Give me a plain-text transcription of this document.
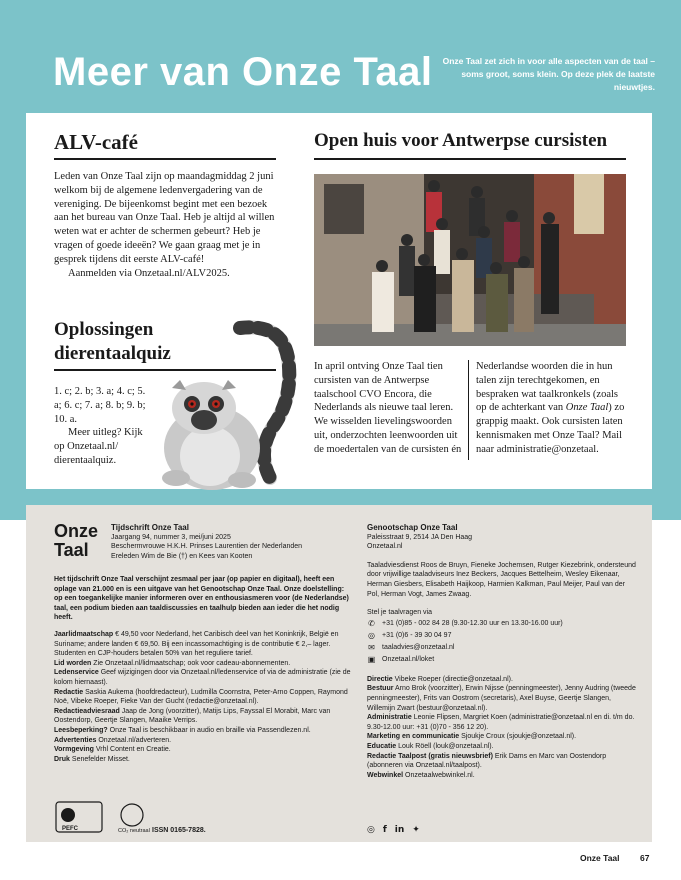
Meer van Onze Taal	Onze Taal zet zich in voor alle aspecten van de taal – soms groot, soms klein. Op deze plek de laatste nieuwtjes.
ALV-café

Leden van Onze Taal zijn op maandagmiddag 2 juni welkom bij de algemene ledenvergadering van de vereniging. De bijeenkomst begint met een bezoek aan het bureau van Onze Taal. Heb je altijd al willen weten wat er achter de schermen gebeurt? Heb je vragen of goede ideeën? We gaan graag met je in gesprek tijdens dit eerste ALV-café!

Aanmelden via Onzetaal.nl/ALV2025.

Oplossingen dierentaalquiz

1. c; 2. b; 3. a; 4. c; 5. a; 6. c; 7. a; 8. b; 9. b; 10. a.

Meer uitleg? Kijk op Onzetaal.nl/ dierentaalquiz.

Open huis voor Antwerpse cursisten
In april ontving Onze Taal tien cursisten van de Antwerpse taalschool CVO Encora, die Nederlands als nieuwe taal leren. We wisselden lievelingswoorden uit, onderzochten leenwoorden uit de moedertalen van de cursisten én
Nederlandse woorden die in hun talen zijn terechtgekomen, en bespraken wat taalkronkels (zoals op de achterkant van Onze Taal) zo grappig maakt. Ook cursisten laten kennismaken met Onze Taal? Mail naar administratie@onzetaal.
Onze
Taal
Tijdschrift Onze Taal
Jaargang 94, nummer 3, mei/juni 2025
Beschermvrouwe H.K.H. Prinses Laurentien der Nederlanden
Ereleden Wim de Bie (†) en Kees van Kooten
Het tijdschrift Onze Taal verschijnt zesmaal per jaar (op papier en digitaal), heeft een oplage van 21.000 en is een uitgave van het Genootschap Onze Taal. Onze doelstelling: op een toegankelijke manier informeren over en enthousiasmeren voor (de Nederlandse) taal, een podium bieden aan taaldiscussies en taalhulp bieden aan ieder die het nodig heeft.
Jaarlidmaatschap € 49,50 voor Nederland, het Caribisch deel van het Koninkrijk, België en Suriname; andere landen € 69,50. Bij een incassomachtiging is de contributie € 2,– lager. Studenten en CJP-houders betalen 50% van het reguliere tarief.
Lid worden Zie Onzetaal.nl/lidmaatschap; ook voor cadeau-abonnementen.
Ledenservice Geef wijzigingen door via Onzetaal.nl/ledenservice of via de administratie (zie de kolom hiernaast).
Redactie Saskia Aukema (hoofdredacteur), Ludmilla Coornstra, Peter-Arno Coppen, Raymond Noë, Vibeke Roeper, Fieke Van der Gucht (redactie@onzetaal.nl).
Redactieadviesraad Jaap de Jong (voorzitter), Matijs Lips, Fayssal El Morabit, Marc van Oostendorp, Geertje Slangen, Maaike Verrips.
Leesbeperking? Onze Taal is beschikbaar in audio en braille via Passendlezen.nl.
Advertenties Onzetaal.nl/adverteren.
Vormgeving Vrhl Content en Creatie.
Druk Senefelder Misset.
PEFC	CO₂ neutraal ISSN 0165-7828.
Genootschap Onze Taal
Paleisstraat 9, 2514 JA Den Haag
Onzetaal.nl
Taaladviesdienst Roos de Bruyn, Fieneke Jochemsen, Rutger Kiezebrink, ondersteund door vrijwillige taaladviseurs Inez Beckers, Jacques Bettelheim, Wesley Eikenaar, Herman Giesbers, Elisabeth Haijkoop, Harmien Kalkman, Paul Meijer, Paul van der Pol, Herman Vogt, James Zwaag.
Stel je taalvragen via
✆ +31 (0)85 - 002 84 28 (9.30-12.30 uur en 13.30-16.00 uur)
◎ +31 (0)6 - 39 30 04 97
✉ taaladvies@onzetaal.nl
▣ Onzetaal.nl/loket
Directie Vibeke Roeper (directie@onzetaal.nl).
Bestuur Arno Brok (voorzitter), Erwin Nijsse (penningmeester), Jenny Audring (tweede penningmeester), Frits van Oostrom (secretaris), Axel Buyse, Geertje Slangen, Willemijn Zwart (bestuur@onzetaal.nl).
Administratie Leonie Flipsen, Margriet Koen (administratie@onzetaal.nl en di. t/m do. 9.30-12.00 uur: +31 (0)70 - 356 12 20).
Marketing en communicatie Sjoukje Croux (sjoukje@onzetaal.nl).
Educatie Louk Röell (louk@onzetaal.nl).
Redactie Taalpost (gratis nieuwsbrief) Erik Dams en Marc van Oostendorp (abonneren via Onzetaal.nl/taalpost).
Webwinkel Onzetaalwebwinkel.nl.
◎ f in ✦
Onze Taal 67
